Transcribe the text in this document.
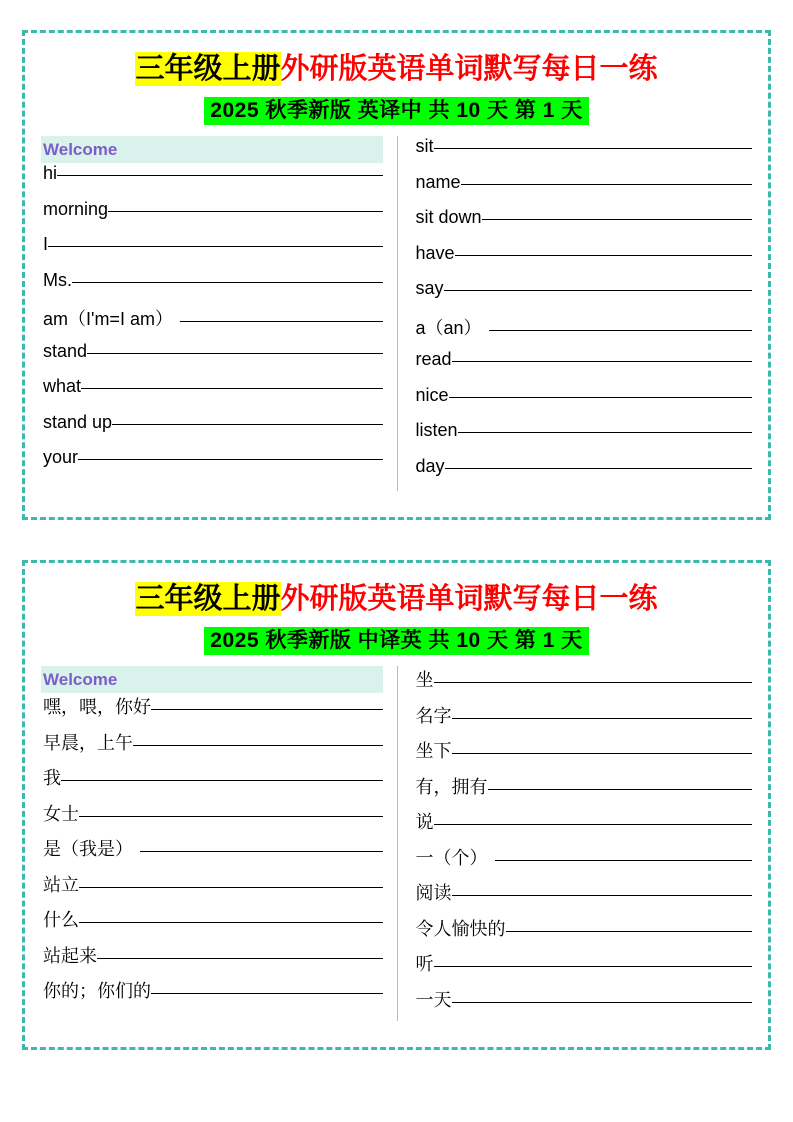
三年级上册外研版英语单词默写每日一练
2025 秋季新版 英译中 共 10 天 第 1 天
Welcome
hi
morning
I
Ms.
am（I'm=I am）
stand
what
stand up
your
sit
name
sit down
have
say
a（an）
read
nice
listen
day
三年级上册外研版英语单词默写每日一练
2025 秋季新版 中译英 共 10 天 第 1 天
Welcome
嘿，喂，你好
早晨，上午
我
女士
是（我是）
站立
什么
站起来
你的；你们的
坐
名字
坐下
有，拥有
说
一（个）
阅读
令人愉快的
听
一天
